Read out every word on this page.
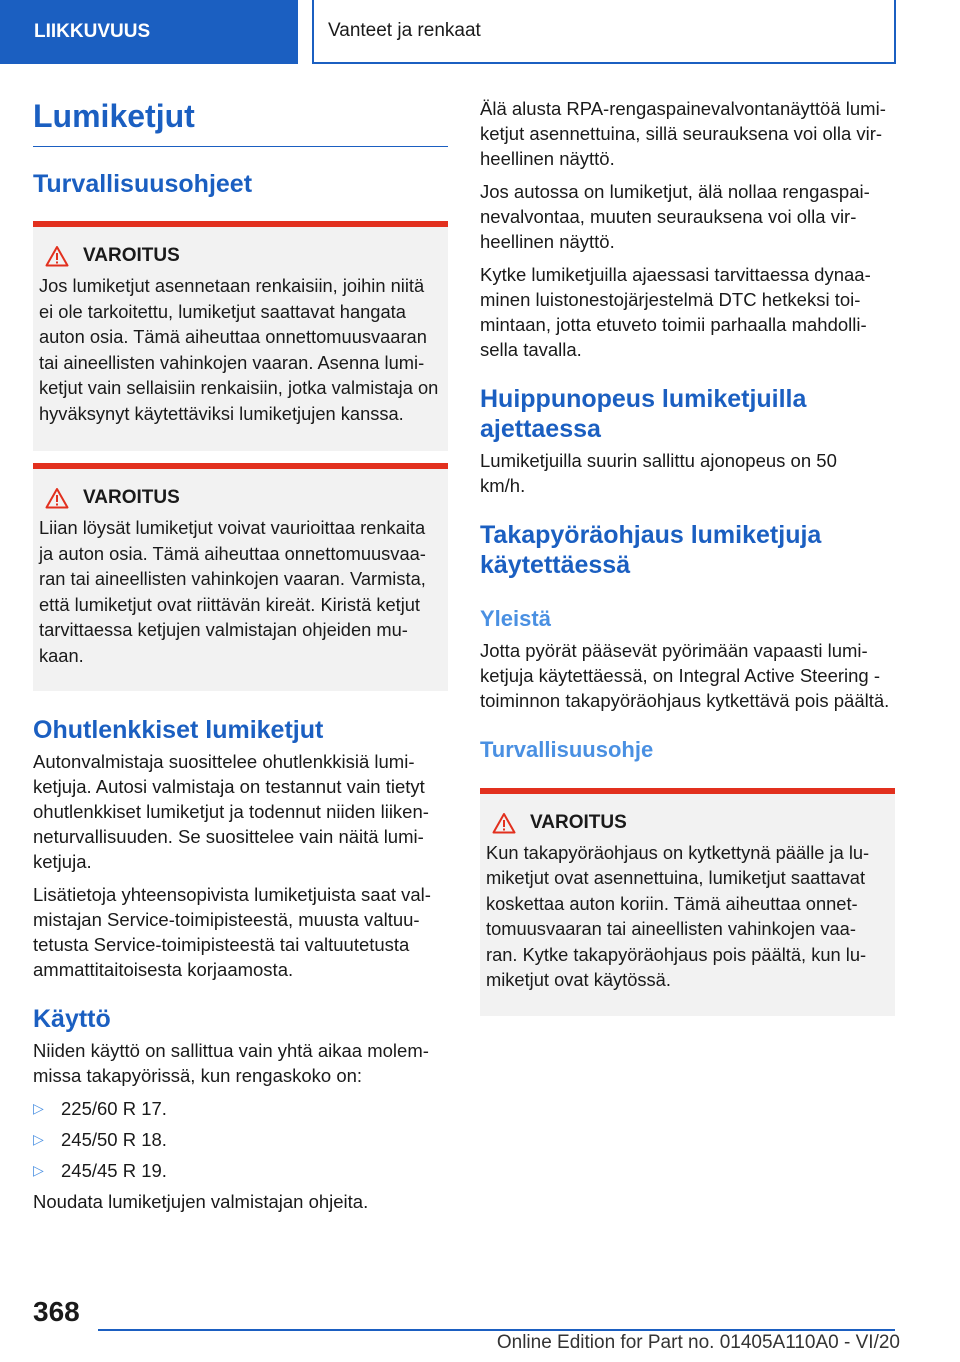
LIIKKUVUUS	Vanteet ja renkaat
Lumiketjut
Turvallisuusohjeet
VAROITUS

Jos lumiketjut asennetaan renkaisiin, joihin niitä ei ole tarkoitettu, lumiketjut saattavat hangata auton osia. Tämä aiheuttaa onnettomuusvaaran tai aineellisten vahinkojen vaaran. Asenna lumi-ketjut vain sellaisiin renkaisiin, jotka valmistaja on hyväksynyt käytettäviksi lumiketjujen kanssa.

VAROITUS

Liian löysät lumiketjut voivat vaurioittaa renkaita ja auton osia. Tämä aiheuttaa onnettomuusvaa-ran tai aineellisten vahinkojen vaaran. Varmista, että lumiketjut ovat riittävän kireät. Kiristä ketjut tarvittaessa ketjujen valmistajan ohjeiden mu-kaan.

Ohutlenkkiset lumiketjut

Autonvalmistaja suosittelee ohutlenkkisiä lumi-ketjuja. Autosi valmistaja on testannut vain tietyt ohutlenkkiset lumiketjut ja todennut niiden liiken-neturvallisuuden. Se suosittelee vain näitä lumi-ketjuja.

Lisätietoja yhteensopivista lumiketjuista saat val-mistajan Service-toimipisteestä, muusta valtuu-tetusta Service-toimipisteestä tai valtuutetusta ammattitaitoisesta korjaamosta.

Käyttö

Niiden käyttö on sallittua vain yhtä aikaa molem-missa takapyörissä, kun rengaskoko on:

▷ 225/60 R 17.
▷ 245/50 R 18.
▷ 245/45 R 19.

Noudata lumiketjujen valmistajan ohjeita.

Älä alusta RPA-rengaspainevalvontanäyttöä lumi-ketjut asennettuina, sillä seurauksena voi olla vir-heellinen näyttö.

Jos autossa on lumiketjut, älä nollaa rengaspai-nevalvontaa, muuten seurauksena voi olla vir-heellinen näyttö.

Kytke lumiketjuilla ajaessasi tarvittaessa dynaa-minen luistonestojärjestelmä DTC hetkeksi toi-mintaan, jotta etuveto toimii parhaalla mahdolli-sella tavalla.

Huippunopeus lumiketjuilla ajettaessa

Lumiketjuilla suurin sallittu ajonopeus on 50 km/h.

Takapyöräohjaus lumiketjuja käytettäessä
Yleistä

Jotta pyörät pääsevät pyörimään vapaasti lumi-ketjuja käytettäessä, on Integral Active Steering -toiminnon takapyöräohjaus kytkettävä pois päältä.

Turvallisuusohje
VAROITUS

Kun takapyöräohjaus on kytkettynä päälle ja lu-miketjut ovat asennettuina, lumiketjut saattavat koskettaa auton koriin. Tämä aiheuttaa onnet-tomuusvaaran tai aineellisten vahinkojen vaa-ran. Kytke takapyöräohjaus pois päältä, kun lu-miketjut ovat käytössä.

368
Online Edition for Part no. 01405A110A0 - VI/20
